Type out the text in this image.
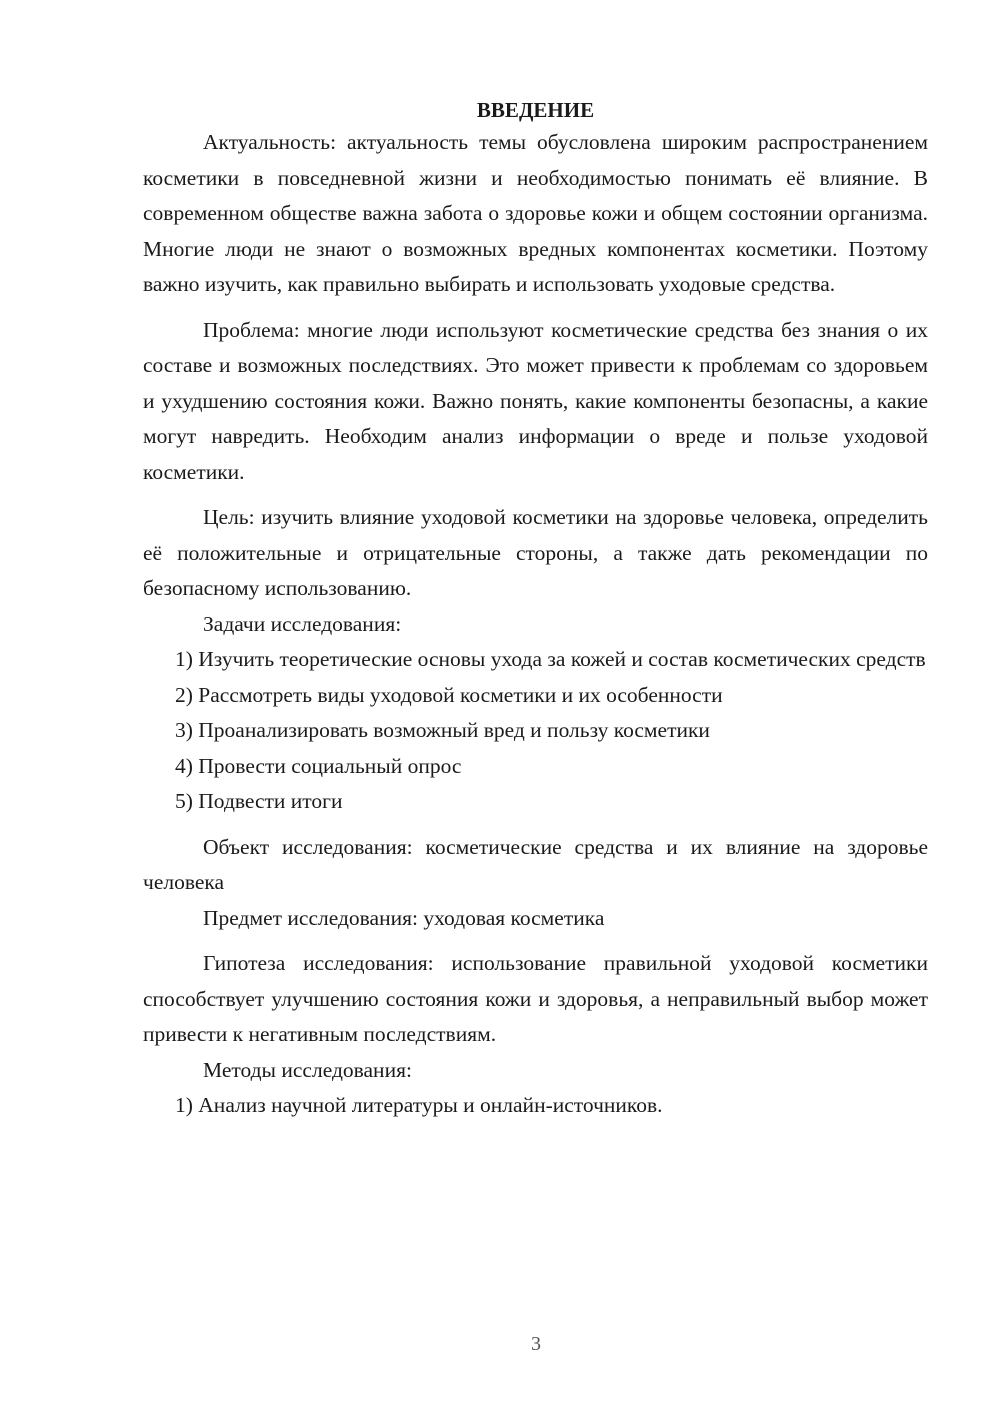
ВВЕДЕНИЕ

Актуальность: актуальность темы обусловлена широким распространением косметики в повседневной жизни и необходимостью понимать её влияние. В современном обществе важна забота о здоровье кожи и общем состоянии организма. Многие люди не знают о возможных вредных компонентах косметики. Поэтому важно изучить, как правильно выбирать и использовать уходовые средства.

Проблема: многие люди используют косметические средства без знания о их составе и возможных последствиях. Это может привести к проблемам со здоровьем и ухудшению состояния кожи. Важно понять, какие компоненты безопасны, а какие могут навредить. Необходим анализ информации о вреде и пользе уходовой косметики.

Цель: изучить влияние уходовой косметики на здоровье человека, определить её положительные и отрицательные стороны, а также дать рекомендации по безопасному использованию.

Задачи исследования:

1) Изучить теоретические основы ухода за кожей и состав косметических средств

2) Рассмотреть виды уходовой косметики и их особенности

3) Проанализировать возможный вред и пользу косметики

4) Провести социальный опрос

5) Подвести итоги

Объект исследования: косметические средства и их влияние на здоровье человека

Предмет исследования: уходовая косметика

Гипотеза исследования: использование правильной уходовой косметики способствует улучшению состояния кожи и здоровья, а неправильный выбор может привести к негативным последствиям.

Методы исследования:

1) Анализ научной литературы и онлайн-источников.

3
